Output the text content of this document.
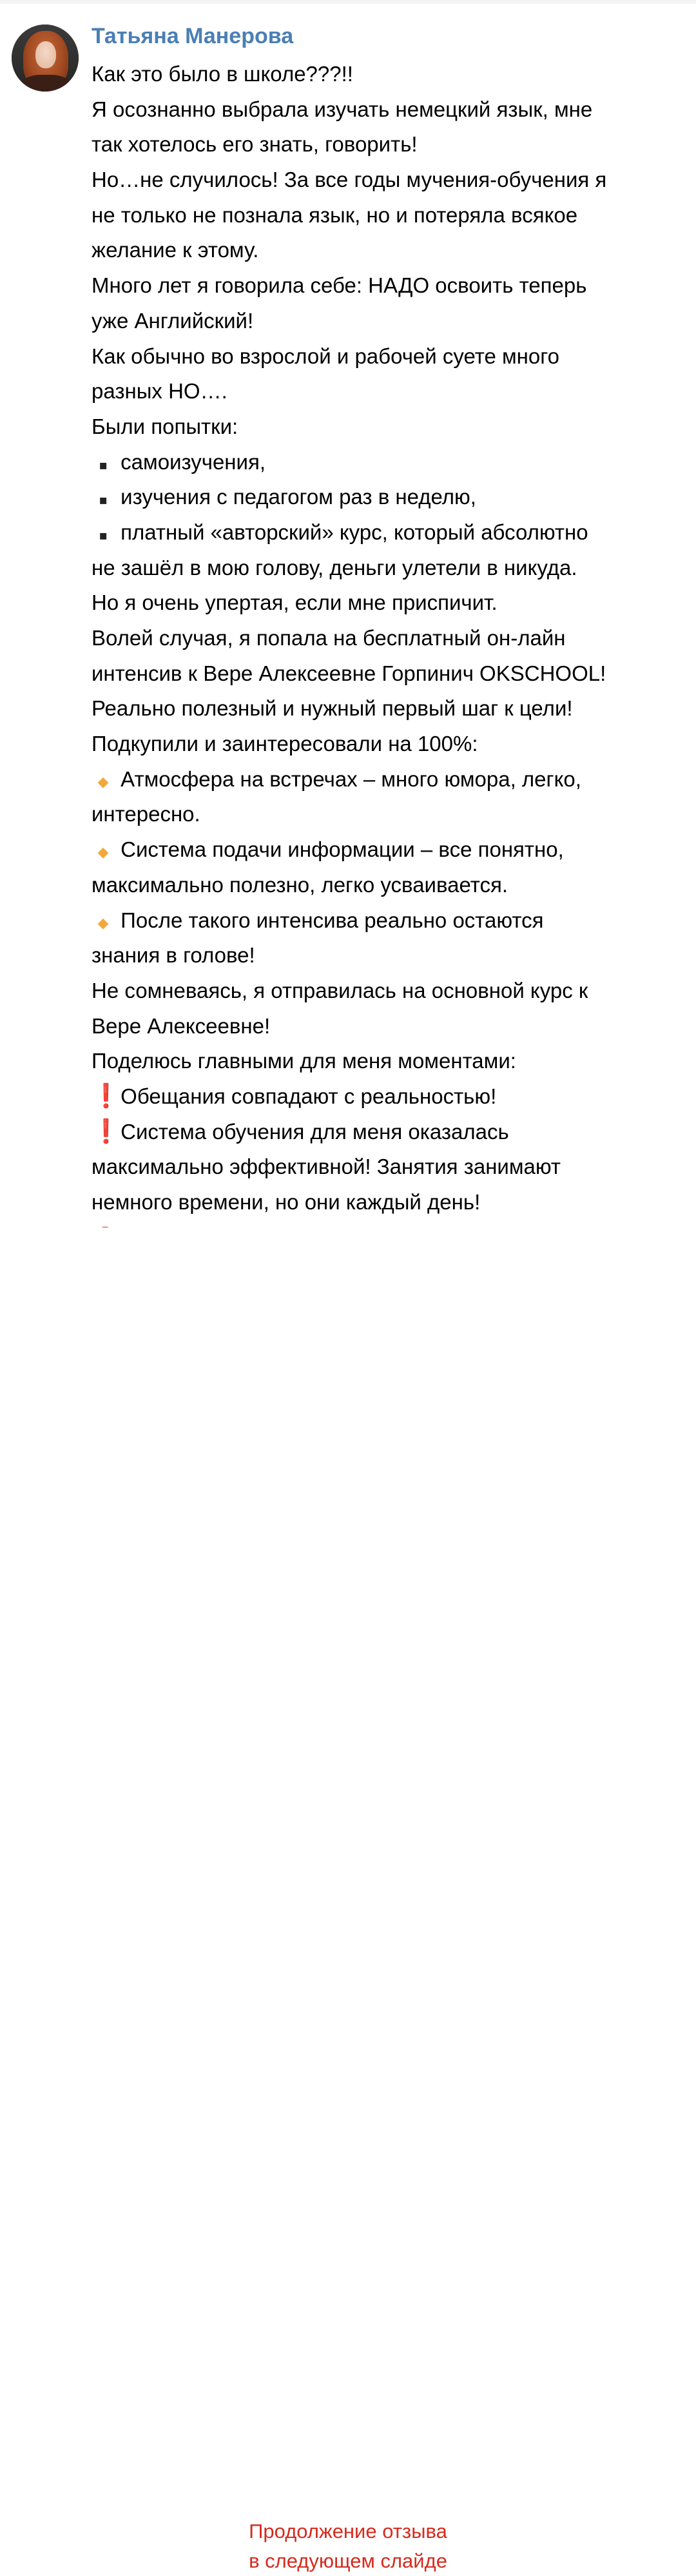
Татьяна Манерова
Как это было в школе???!!
Я осознанно выбрала изучать немецкий язык, мне
так хотелось его знать, говорить!
Но…не случилось! За все годы мучения-обучения я
не только не познала язык, но и потеряла всякое
желание к этому.
Много лет я говорила себе: НАДО освоить теперь
уже Английский!
Как обычно во взрослой и рабочей суете много
разных НО….
Были попытки:
▪ самоизучения,
▪ изучения с педагогом раз в неделю,
▪ платный «авторский» курс, который абсолютно
не зашёл в мою голову, деньги улетели в никуда.
Но я очень упертая, если мне приспичит.
Волей случая, я попала на бесплатный он-лайн
интенсив к Вере Алексеевне Горпинич OKSCHOOL!
Реально полезный и нужный первый шаг к цели!
Подкупили и заинтересовали на 100%:
◆ Атмосфера на встречах – много юмора, легко,
интересно.
◆ Система подачи информации – все понятно,
максимально полезно, легко усваивается.
◆ После такого интенсива реально остаются
знания в голове!
Не сомневаясь, я отправилась на основной курс к
Вере Алексеевне!
Поделюсь главными для меня моментами:
❗ Обещания совпадают с реальностью!
❗ Система обучения для меня оказалась
максимально эффективной! Занятия занимают
немного времени, но они каждый день!
Продолжение отзыва
в следующем слайде
